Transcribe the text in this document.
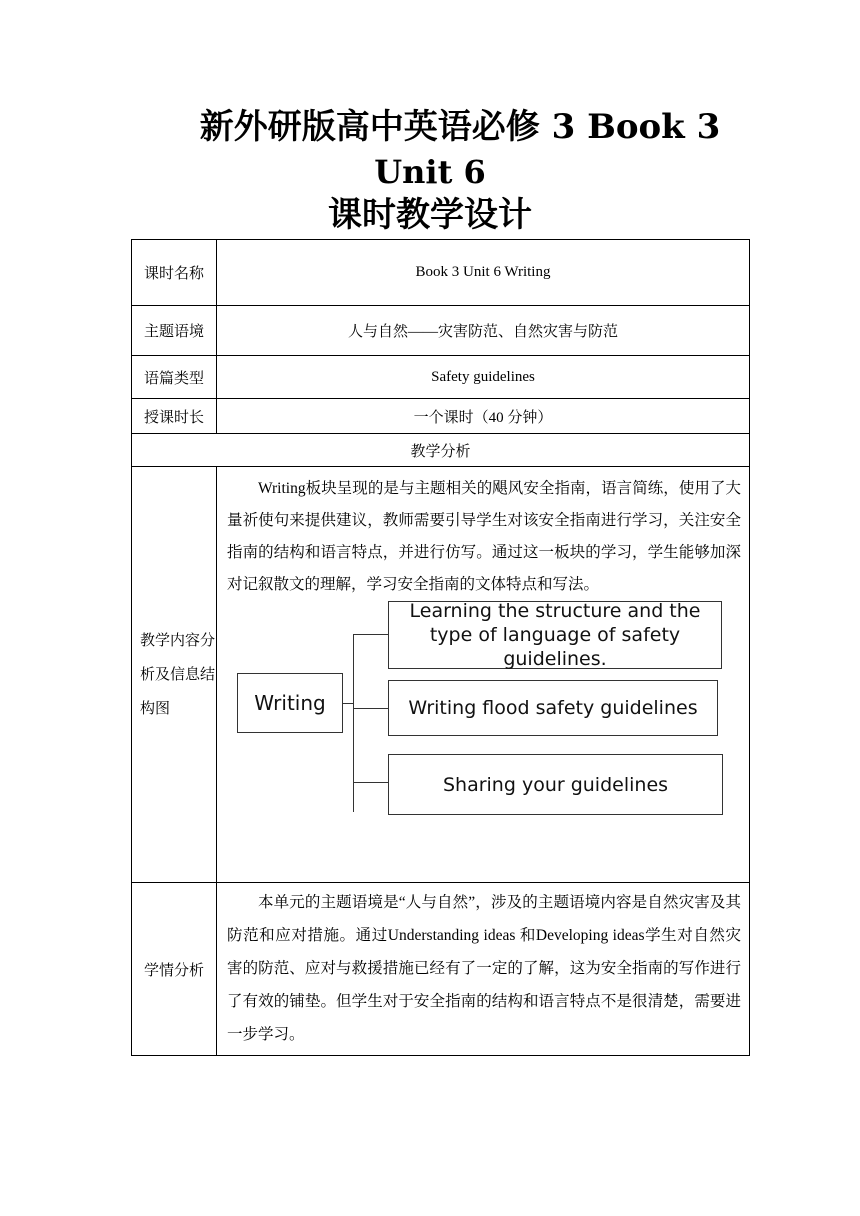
新外研版高中英语必修 3 Book 3
Unit 6
课时教学设计
课时名称	Book 3 Unit 6 Writing
主题语境	人与自然——灾害防范、自然灾害与防范
语篇类型	Safety guidelines
授课时长	一个课时（40 分钟）
教学分析	
教学内容分析及信息结构图	Writing板块呈现的是与主题相关的飓风安全指南，语言简练，使用了大量祈使句来提供建议，教师需要引导学生对该安全指南进行学习，关注安全指南的结构和语言特点，并进行仿写。通过这一板块的学习，学生能够加深对记叙散文的理解，学习安全指南的文体特点和写法。

Writing
Learning the structure and the type of language of safety guidelines.
Writing flood safety guidelines
Sharing your guidelines

学情分析	本单元的主题语境是“人与自然”，涉及的主题语境内容是自然灾害及其防范和应对措施。通过Understanding ideas 和Developing ideas学生对自然灾害的防范、应对与救援措施已经有了一定的了解，这为安全指南的写作进行了有效的铺垫。但学生对于安全指南的结构和语言特点不是很清楚，需要进一步学习。
